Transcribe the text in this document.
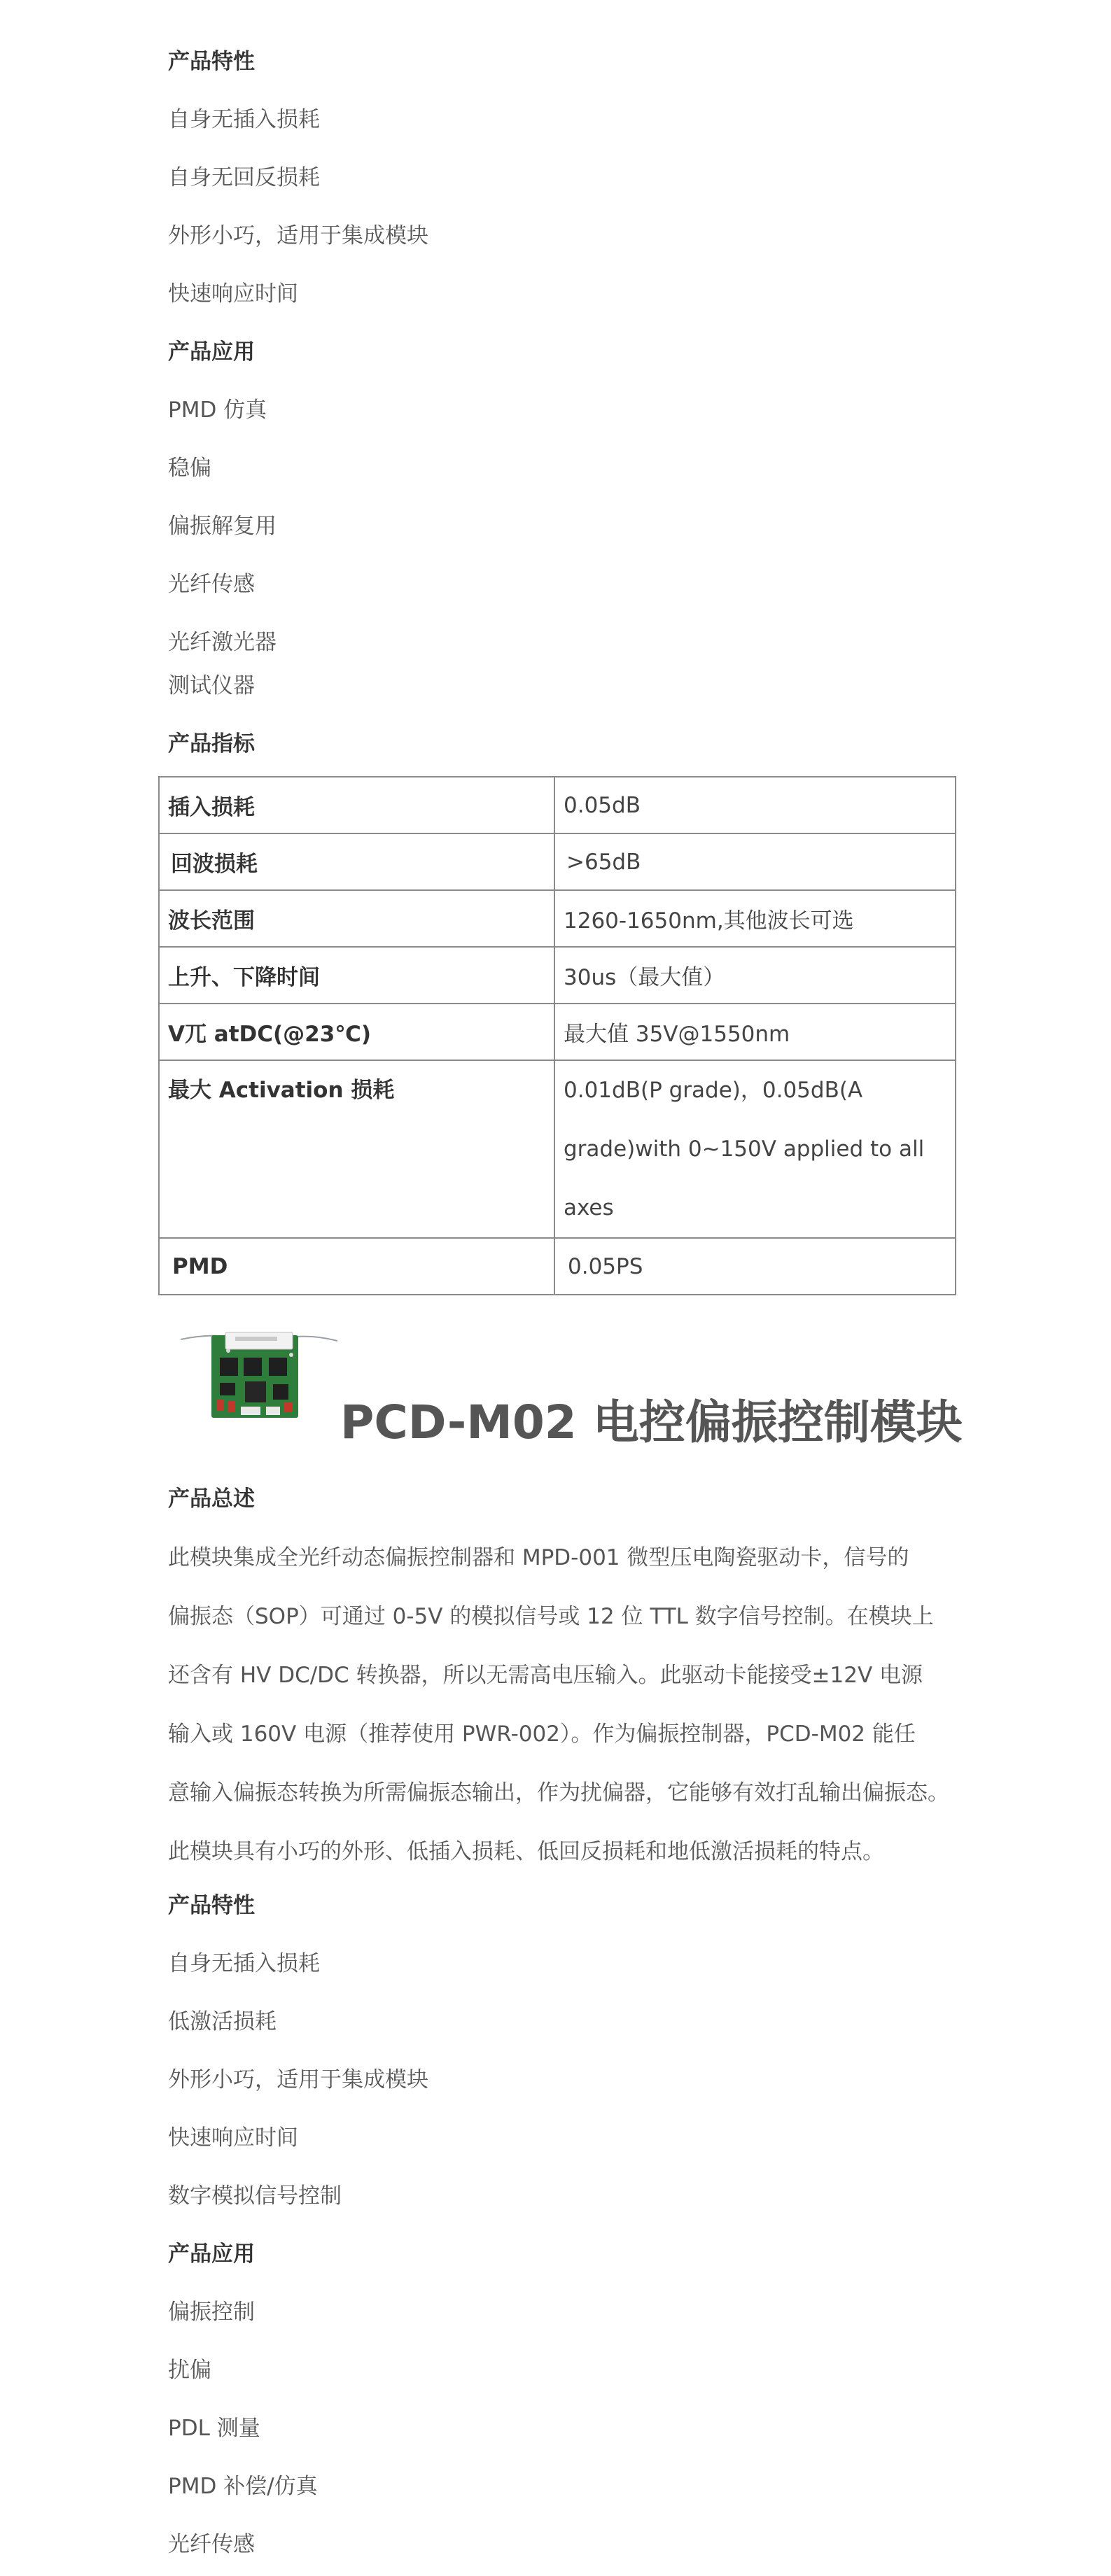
产品特性
自身无插入损耗
自身无回反损耗
外形小巧，适用于集成模块
快速响应时间
产品应用
PMD 仿真
稳偏
偏振解复用
光纤传感
光纤激光器
测试仪器
产品指标
插入损耗	0.05dB
回波损耗	>65dB
波长范围	1260-1650nm,其他波长可选
上升、下降时间	30us（最大值）
V兀 atDC(@23℃)	最大值 35V@1550nm
最大 Activation 损耗	0.01dB(P grade)，0.05dB(A
grade)with 0~150V applied to all
axes

PMD	0.05PS
PCD-M02 电控偏振控制模块
产品总述
此模块集成全光纤动态偏振控制器和 MPD-001 微型压电陶瓷驱动卡，信号的
偏振态（SOP）可通过 0-5V 的模拟信号或 12 位 TTL 数字信号控制。在模块上
还含有 HV DC/DC 转换器，所以无需高电压输入。此驱动卡能接受±12V 电源
输入或 160V 电源（推荐使用 PWR-002）。作为偏振控制器，PCD-M02 能任
意输入偏振态转换为所需偏振态输出，作为扰偏器，它能够有效打乱输出偏振态。
此模块具有小巧的外形、低插入损耗、低回反损耗和地低激活损耗的特点。
产品特性
自身无插入损耗
低激活损耗
外形小巧，适用于集成模块
快速响应时间
数字模拟信号控制
产品应用
偏振控制
扰偏
PDL 测量
PMD 补偿/仿真
光纤传感
